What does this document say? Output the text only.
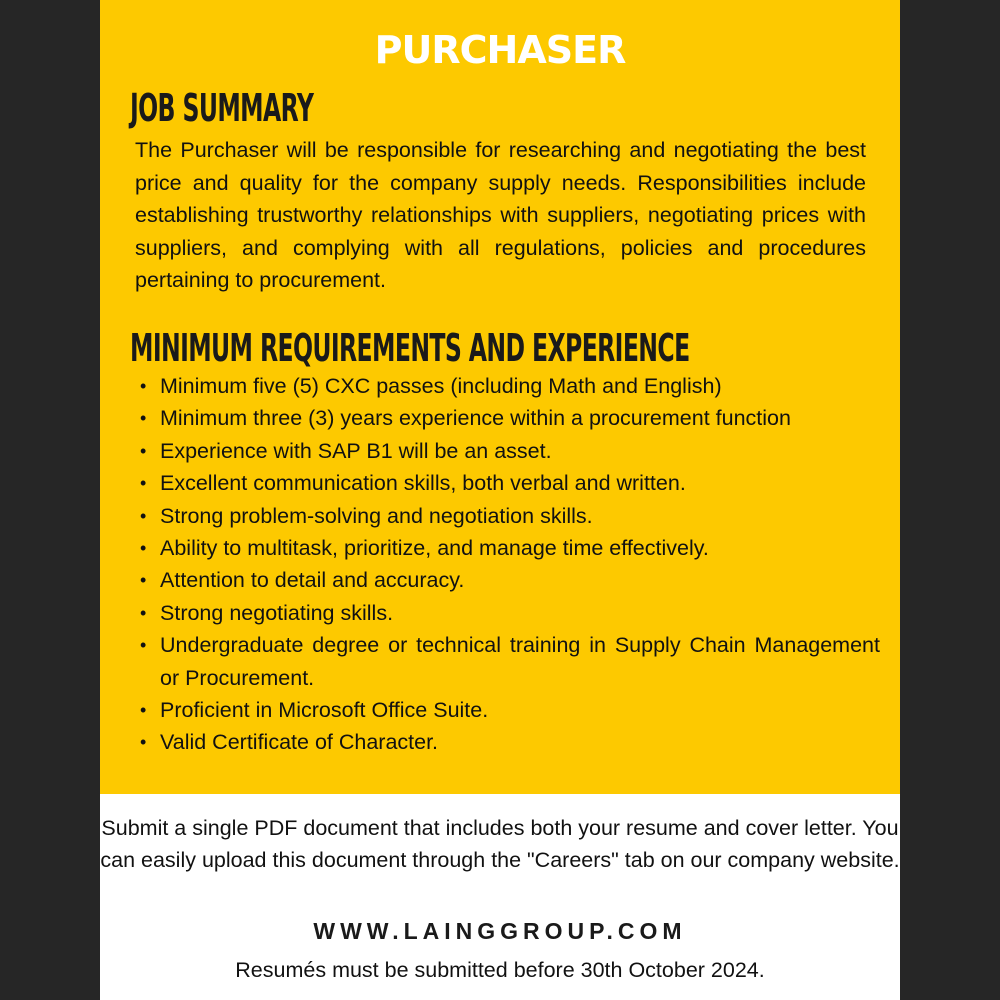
PURCHASER
JOB SUMMARY

The Purchaser will be responsible for researching and negotiating the best price and quality for the company supply needs. Responsibilities include establishing trustworthy relationships with suppliers, negotiating prices with suppliers, and complying with all regulations, policies and procedures pertaining to procurement.

MINIMUM REQUIREMENTS AND EXPERIENCE
• Minimum five (5) CXC passes (including Math and English)
• Minimum three (3) years experience within a procurement function
• Experience with SAP B1 will be an asset.
• Excellent communication skills, both verbal and written.
• Strong problem-solving and negotiation skills.
• Ability to multitask, prioritize, and manage time effectively.
• Attention to detail and accuracy.
• Strong negotiating skills.
• Undergraduate degree or technical training in Supply Chain Management or Procurement.
• Proficient in Microsoft Office Suite.
• Valid Certificate of Character.

Submit a single PDF document that includes both your resume and cover letter. You can easily upload this document through the "Careers" tab on our company website.

WWW.LAINGGROUP.COM
Resumés must be submitted before 30th October 2024.
